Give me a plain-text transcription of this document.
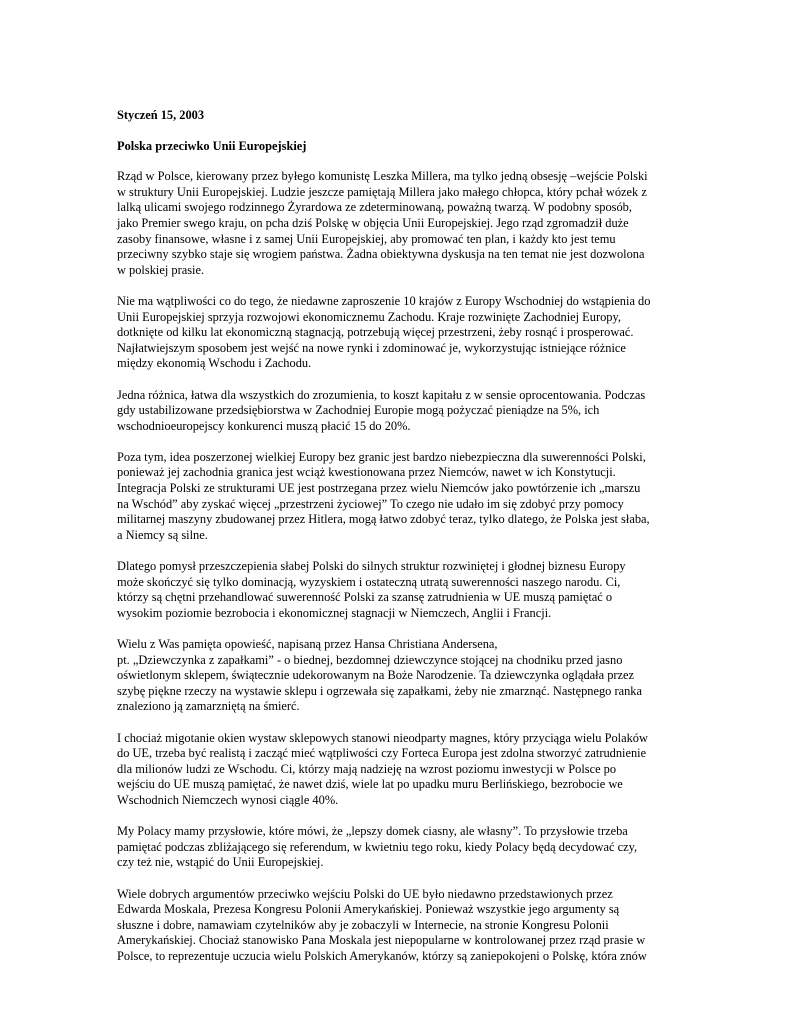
Styczeń 15, 2003
Polska przeciwko Unii Europejskiej
Rząd w Polsce, kierowany przez byłego komunistę Leszka Millera, ma tylko jedną obsesję –wejście Polski
w struktury Unii Europejskiej. Ludzie jeszcze pamiętają Millera jako małego chłopca, który pchał wózek z
lalką ulicami swojego rodzinnego Żyrardowa ze zdeterminowaną, poważną twarzą. W podobny sposób,
jako Premier swego kraju, on pcha dziś Polskę w objęcia Unii Europejskiej. Jego rząd zgromadził duże
zasoby finansowe, własne i z samej Unii Europejskiej, aby promować ten plan, i każdy kto jest temu
przeciwny szybko staje się wrogiem państwa. Żadna obiektywna dyskusja na ten temat nie jest dozwolona
w polskiej prasie.
Nie ma wątpliwości co do tego, że niedawne zaproszenie 10 krajów z Europy Wschodniej do wstąpienia do
Unii Europejskiej sprzyja rozwojowi ekonomicznemu Zachodu. Kraje rozwinięte Zachodniej Europy,
dotknięte od kilku lat ekonomiczną stagnacją, potrzebują więcej przestrzeni, żeby rosnąć i prosperować.
Najłatwiejszym sposobem jest wejść na nowe rynki i zdominować je, wykorzystując istniejące różnice
między ekonomią Wschodu i Zachodu.
Jedna różnica, łatwa dla wszystkich do zrozumienia, to koszt kapitału z w sensie oprocentowania. Podczas
gdy ustabilizowane przedsiębiorstwa w Zachodniej Europie mogą pożyczać pieniądze na 5%, ich
wschodnioeuropejscy konkurenci muszą płacić 15 do 20%.
Poza tym, idea poszerzonej wielkiej Europy bez granic jest bardzo niebezpieczna dla suwerenności Polski,
ponieważ jej zachodnia granica jest wciąż kwestionowana przez Niemców, nawet w ich Konstytucji.
Integracja Polski ze strukturami UE jest postrzegana przez wielu Niemców jako powtórzenie ich „marszu
na Wschód” aby zyskać więcej „przestrzeni życiowej” To czego nie udało im się zdobyć przy pomocy
militarnej maszyny zbudowanej przez Hitlera, mogą łatwo zdobyć teraz, tylko dlatego, że Polska jest słaba,
a Niemcy są silne.
Dlatego pomysł przeszczepienia słabej Polski do silnych struktur rozwiniętej i głodnej biznesu Europy
może skończyć się tylko dominacją, wyzyskiem i ostateczną utratą suwerenności naszego narodu. Ci,
którzy są chętni przehandlować suwerenność Polski za szansę zatrudnienia w UE muszą pamiętać o
wysokim poziomie bezrobocia i ekonomicznej stagnacji w Niemczech, Anglii i Francji.
Wielu z Was pamięta opowieść, napisaną przez Hansa Christiana Andersena,
pt. „Dziewczynka z zapałkami” - o biednej, bezdomnej dziewczynce stojącej na chodniku przed jasno
oświetlonym sklepem, świątecznie udekorowanym na Boże Narodzenie. Ta dziewczynka oglądała przez
szybę piękne rzeczy na wystawie sklepu i ogrzewała się zapałkami, żeby nie zmarznąć. Następnego ranka
znaleziono ją zamarzniętą na śmierć.
I chociaż migotanie okien wystaw sklepowych stanowi nieodparty magnes, który przyciąga wielu Polaków
do UE, trzeba być realistą i zacząć mieć wątpliwości czy Forteca Europa jest zdolna stworzyć zatrudnienie
dla milionów ludzi ze Wschodu. Ci, którzy mają nadzieję na wzrost poziomu inwestycji w Polsce po
wejściu do UE muszą pamiętać, że nawet dziś, wiele lat po upadku muru Berlińskiego, bezrobocie we
Wschodnich Niemczech wynosi ciągle 40%.
My Polacy mamy przysłowie, które mówi, że „lepszy domek ciasny, ale własny”. To przysłowie trzeba
pamiętać podczas zbliżającego się referendum, w kwietniu tego roku, kiedy Polacy będą decydować czy,
czy też nie, wstąpić do Unii Europejskiej.
Wiele dobrych argumentów przeciwko wejściu Polski do UE było niedawno przedstawionych przez
Edwarda Moskala, Prezesa Kongresu Polonii Amerykańskiej. Ponieważ wszystkie jego argumenty są
słuszne i dobre, namawiam czytelników aby je zobaczyli w Internecie, na stronie Kongresu Polonii
Amerykańskiej. Chociaż stanowisko Pana Moskala jest niepopularne w kontrolowanej przez rząd prasie w
Polsce, to reprezentuje uczucia wielu Polskich Amerykanów, którzy są zaniepokojeni o Polskę, która znów
